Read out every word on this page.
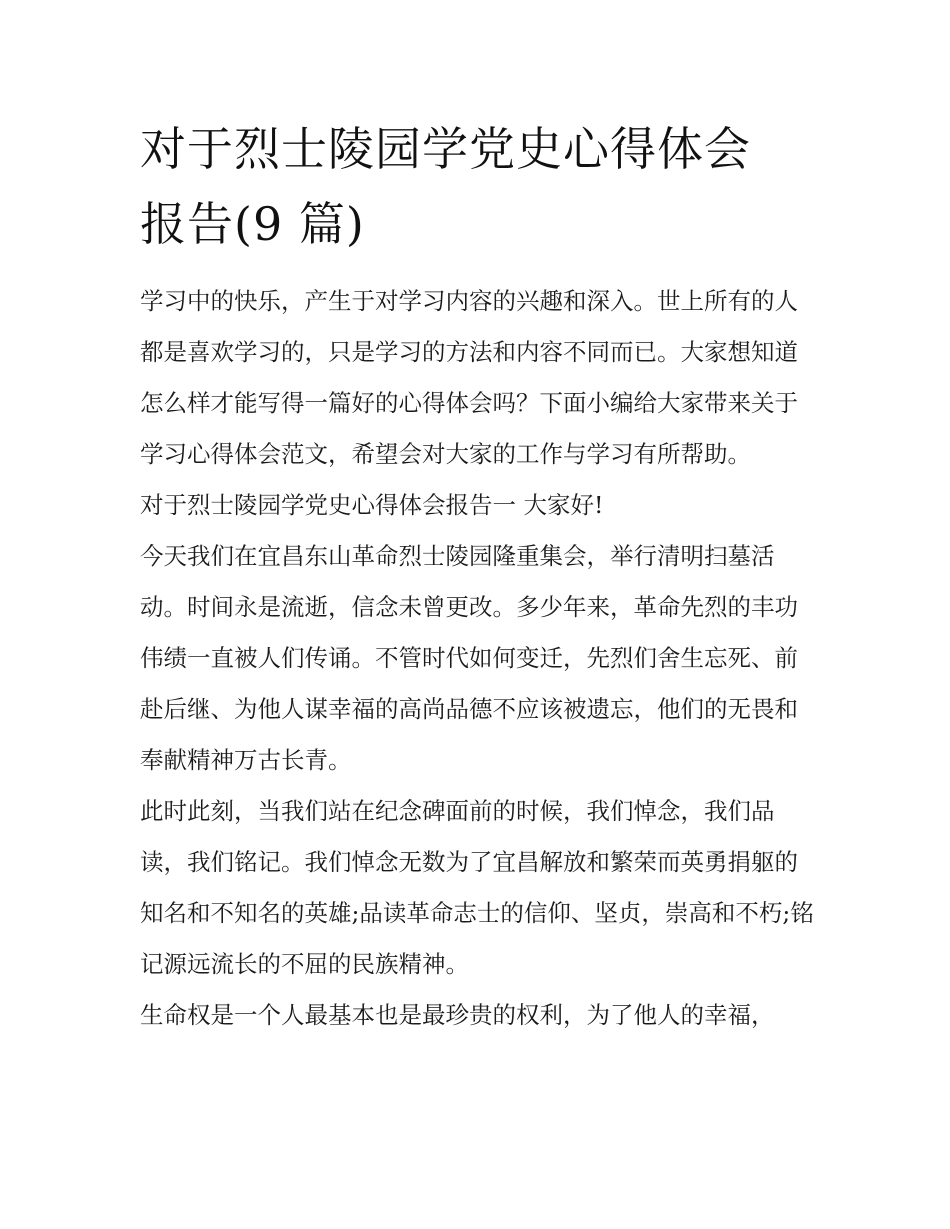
对于烈士陵园学党史心得体会
报告(9 篇)

学习中的快乐，产生于对学习内容的兴趣和深入。世上所有的人都是喜欢学习的，只是学习的方法和内容不同而已。大家想知道怎么样才能写得一篇好的心得体会吗？下面小编给大家带来关于学习心得体会范文，希望会对大家的工作与学习有所帮助。

对于烈士陵园学党史心得体会报告一 大家好!

今天我们在宜昌东山革命烈士陵园隆重集会，举行清明扫墓活动。时间永是流逝，信念未曾更改。多少年来，革命先烈的丰功伟绩一直被人们传诵。不管时代如何变迁，先烈们舍生忘死、前赴后继、为他人谋幸福的高尚品德不应该被遗忘，他们的无畏和奉献精神万古长青。

此时此刻，当我们站在纪念碑面前的时候，我们悼念，我们品读，我们铭记。我们悼念无数为了宜昌解放和繁荣而英勇捐躯的知名和不知名的英雄;品读革命志士的信仰、坚贞，崇高和不朽;铭记源远流长的不屈的民族精神。

生命权是一个人最基本也是最珍贵的权利，为了他人的幸福，
